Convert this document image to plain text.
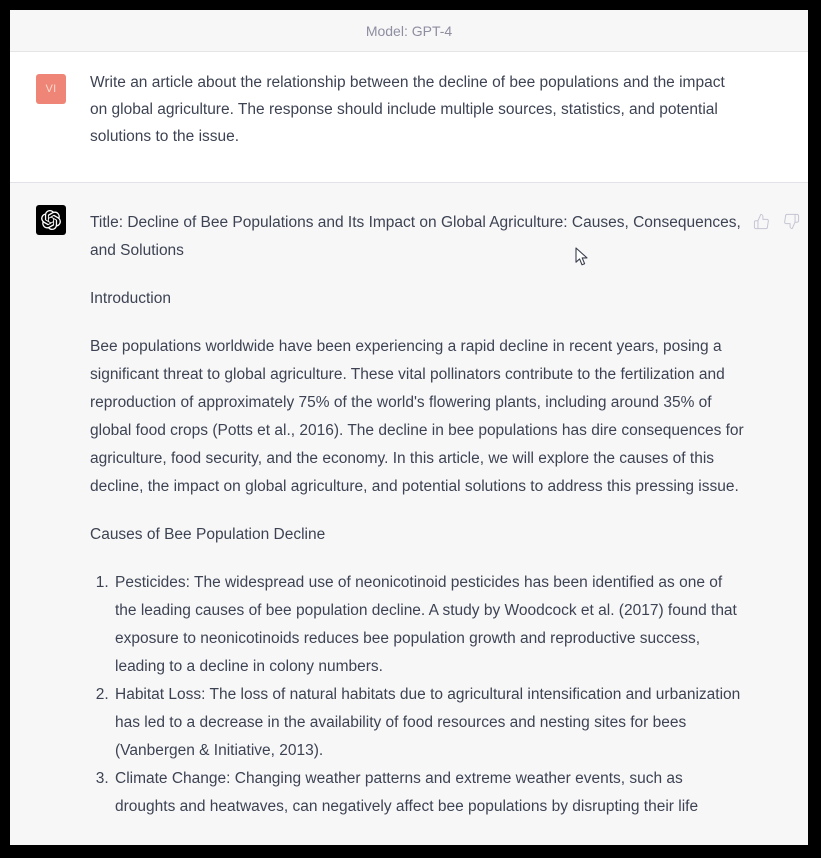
Model: GPT-4
VI Write an article about the relationship between the decline of bee populations and the impact on global agriculture. The response should include multiple sources, statistics, and potential solutions to the issue.

Title: Decline of Bee Populations and Its Impact on Global Agriculture: Causes, Consequences, and Solutions

Introduction

Bee populations worldwide have been experiencing a rapid decline in recent years, posing a significant threat to global agriculture. These vital pollinators contribute to the fertilization and reproduction of approximately 75% of the world's flowering plants, including around 35% of global food crops (Potts et al., 2016). The decline in bee populations has dire consequences for agriculture, food security, and the economy. In this article, we will explore the causes of this decline, the impact on global agriculture, and potential solutions to address this pressing issue.

Causes of Bee Population Decline

1. Pesticides: The widespread use of neonicotinoid pesticides has been identified as one of the leading causes of bee population decline. A study by Woodcock et al. (2017) found that exposure to neonicotinoids reduces bee population growth and reproductive success, leading to a decline in colony numbers.
2. Habitat Loss: The loss of natural habitats due to agricultural intensification and urbanization has led to a decrease in the availability of food resources and nesting sites for bees (Vanbergen & Initiative, 2013).
3. Climate Change: Changing weather patterns and extreme weather events, such as droughts and heatwaves, can negatively affect bee populations by disrupting their life
